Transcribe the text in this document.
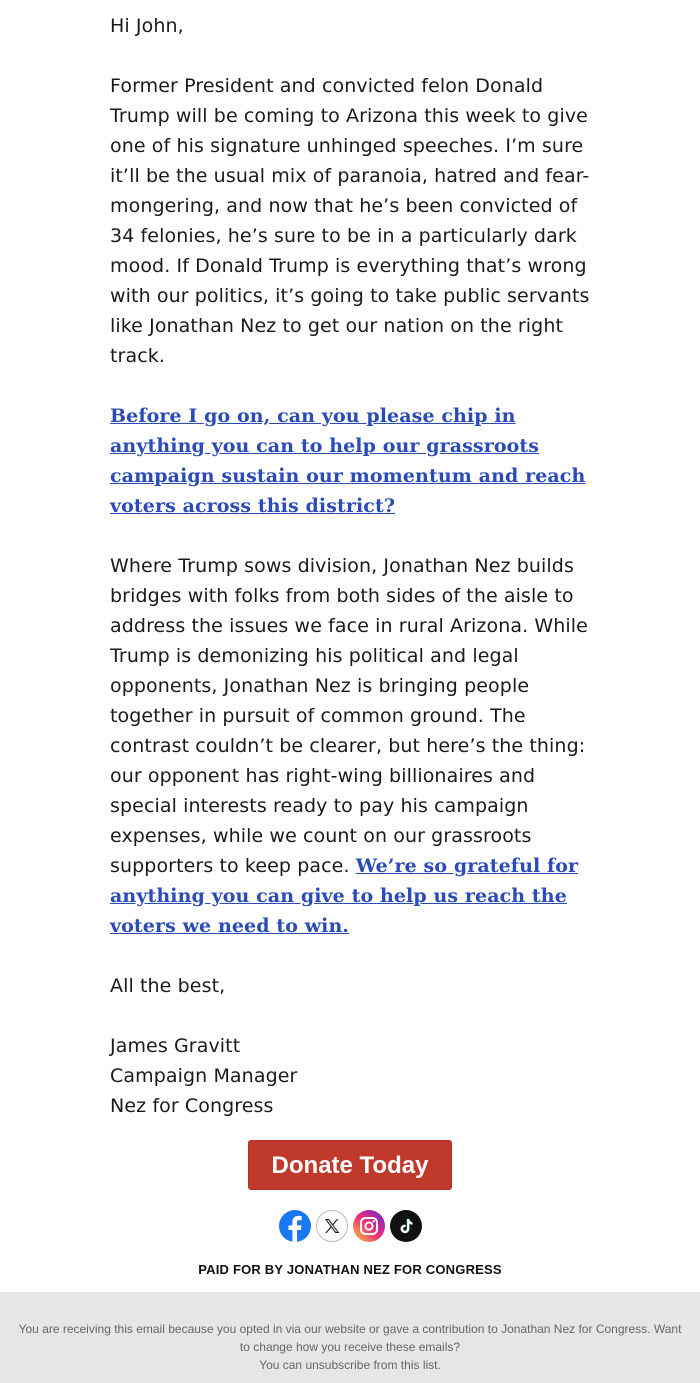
Hi John,

Former President and convicted felon Donald Trump will be coming to Arizona this week to give one of his signature unhinged speeches. I’m sure it’ll be the usual mix of paranoia, hatred and fear-mongering, and now that he’s been convicted of 34 felonies, he’s sure to be in a particularly dark mood. If Donald Trump is everything that’s wrong with our politics, it’s going to take public servants like Jonathan Nez to get our nation on the right track.

Before I go on, can you please chip in anything you can to help our grassroots campaign sustain our momentum and reach voters across this district?

Where Trump sows division, Jonathan Nez builds bridges with folks from both sides of the aisle to address the issues we face in rural Arizona. While Trump is demonizing his political and legal opponents, Jonathan Nez is bringing people together in pursuit of common ground. The contrast couldn’t be clearer, but here’s the thing: our opponent has right-wing billionaires and special interests ready to pay his campaign expenses, while we count on our grassroots supporters to keep pace. We’re so grateful for anything you can give to help us reach the voters we need to win.

All the best,

James Gravitt
Campaign Manager
Nez for Congress
Donate Today
PAID FOR BY JONATHAN NEZ FOR CONGRESS
You are receiving this email because you opted in via our website or gave a contribution to Jonathan Nez for Congress. Want to change how you receive these emails?
You can unsubscribe from this list.
